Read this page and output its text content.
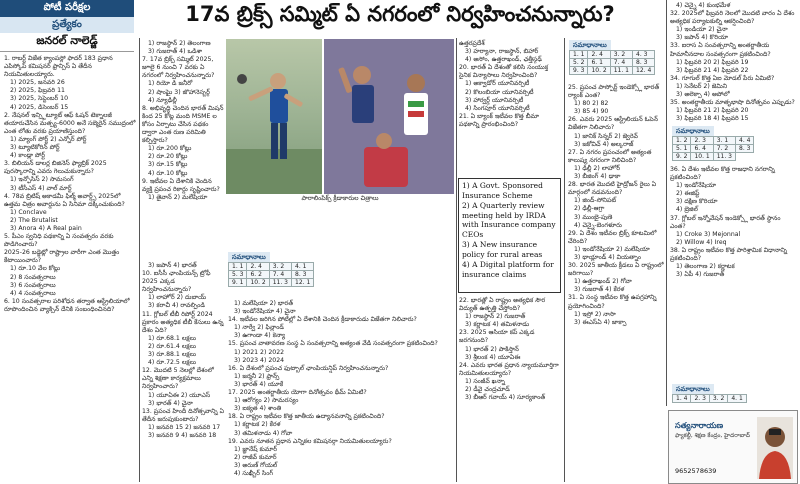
పోటీ పరీక్షల
ప్రత్యేకం
జనరల్ నాలెడ్జ్
17వ బ్రిక్స్ సమ్మిట్ ఏ నగరంలో నిర్వహించనున్నారు?

1. రాబర్ట్ విజేత క్యాంపస్లో ఫాదర్ 183 ప్రధాన ఎపిస్కోప్ కమిషనర్ ఫ్రాన్సిస్ ఏ తేదీన నియమితులయ్యారు.

1) 2025, జనవరి 26

2) 2025, ఫిబ్రవరి 11

3) 2025, సెప్టెంబర్ 10

4) 2025, డిసెంబర్ 15

2. నేషనల్ ఇన్స్టిట్యూట్ ఆఫ్ ఓషన్ టెక్నాలజీ తయారుచేసిన మత్స్య-6000 అనే సబ్మెరైన్ సముద్రంలో ఎంత లోతు వరకు ప్రయాణిస్తుంది?

1) మ్యాంగ్ పోర్ట్ 2) ఎన్నోర్ పోర్ట్

3) ట్యూటికోరిన్ పోర్ట్

4) కాండ్లా పోర్ట్

3. బిలియన్ డాలర్ల బిజినెస్ ఫ్యాబ్రిక్ 2025 పురస్కారాన్ని ఎవరు గెలుచుకున్నారు?

1) ఇన్ఫోసిస్ 2) సామసంగ్

3) టీసీఎస్ 4) వాల్ మార్ట్

4. 78వ బ్రిటిష్ అకాడమీ ఫిల్మ్ అవార్డ్స్ 2025లో ఉత్తమ చిత్రం అవార్డును ఏ సినిమా దక్కించుకుంది?

1) Conclave

2) The Brutalist

3) Anora 4) A Real pain

5. పీఎం స్వనిధి పథకాన్ని ఏ సంవత్సరం వరకు పొడిగించారు?

2025-26 బడ్జెట్లో రాష్ట్రాల వారీగా ఎంత మొత్తం కేటాయించారు?

1) రూ.10 వేల కోట్లు

2) 8 సంవత్సరాలు

3) 6 సంవత్సరాలు

4) 4 సంవత్సరాలు

6. 10 సంవత్సరాల పరిశోధన తర్వాత ఆస్ట్రేలియాలో రూపొందించిన వ్యాక్సిన్ దేనికి సంబంధించినది?

1) రాజస్థాన్ 2) తెలంగాణ

3) గుజరాత్ 4) ఒడిశా

7. 17వ బ్రిక్స్ సమ్మిట్ 2025, జూలై 6 నుంచి 7 వరకు ఏ నగరంలో నిర్వహించనున్నారు?

1) రియో డి జనీరో

2) షాంఘై 3) జొహానెస్బర్గ్

4) న్యూఢిల్లీ

8. అభివృద్ధి చెందిన భారత్ మిషన్ కింద 25 కోట్ల మంది MSME ల కోసం ఏర్పాటు చేసిన పథకం ద్వారా ఎంత రుణ పరిమితి కల్పిస్తారు?

1) రూ.200 కోట్లు

2) రూ.20 కోట్లు

3) రూ.15 కోట్లు

4) రూ.10 కోట్లు

9. ఇటీవల ఏ దేశానికి చెందిన వ్యక్తి ప్రపంచ రికార్డు సృష్టించారు?

1) తైవాన్ 2) మలేషియా

3) జపాన్ 4) భారత్

10. ఐసీసీ ఛాంపియన్స్ ట్రోఫీ 2025 ఎక్కడ నిర్వహించనున్నారు?

1) లాహోర్ 2) దుబాయ్

3) కరాచీ 4) రావల్పిండి

11. గ్లోబల్ టీబీ రిపోర్ట్ 2024 ప్రకారం అత్యధిక టీబీ కేసులు ఉన్న దేశం ఏది?

1) రూ.68.1 లక్షలు

2) రూ.61.4 లక్షలు

3) రూ.88.1 లక్షలు

4) రూ.72.5 లక్షలు

12. మొదటి 5 నెలల్లో దేశంలో ఎన్ని శిక్షణా కార్యక్రమాలు నిర్వహించారు?

1) యూఏఈ 2) యూఎస్

3) భారత్ 4) చైనా

13. ప్రపంచ హిందీ దినోత్సవాన్ని ఏ తేదీన జరుపుకుంటారు?

1) జనవరి 15 2) జనవరి 17

3) జనవరి 9 4) జనవరి 18

పారాలింపిక్స్ క్రీడాకారుల చిత్రాలు
సమాధానాలు
1. 1	2. 4	3. 2	4. 1
5. 3	6. 2	7. 4	8. 3
9. 1	10. 2	11. 3	12. 1

1) మలేషియా 2) భారత్

3) ఇండోనేషియా 4) చైనా

14. ఇటీవల జరిగిన పోటీల్లో ఏ దేశానికి చెందిన క్రీడాకారుడు విజేతగా నిలిచారు?

1) నార్వే 2) ఫిన్లాండ్

3) ఉగాండా 4) కెన్యా

15. ప్రపంచ వాతావరణ సంస్థ ఏ సంవత్సరాన్ని అత్యంత వేడి సంవత్సరంగా ప్రకటించింది?

1) 2021 2) 2022

3) 2023 4) 2024

16. ఏ దేశంలో ప్రపంచ ఫుట్బాల్ ఛాంపియన్షిప్ నిర్వహించనున్నారు?

1) జర్మనీ 2) ఫ్రాన్స్

3) భారత్ 4) యూకే

17. 2025 అంతర్జాతీయ యోగా దినోత్సవం థీమ్ ఏమిటి?

1) ఆరోగ్యం 2) సామరస్యం

3) ఐక్యత 4) శాంతి

18. ఏ రాష్ట్రం ఇటీవల కొత్త జాతీయ ఉద్యానవనాన్ని ప్రకటించింది?

1) కర్ణాటక 2) కేరళ

3) తమిళనాడు 4) గోవా

19. ఎవరు నూతన ప్రధాన ఎన్నికల కమిషనర్గా నియమితులయ్యారు?

1) జ్ఞానేష్ కుమార్

2) రాజీవ్ కుమార్

3) అరుణ్ గోయల్

4) సుఖ్బీర్ సింగ్

ఉత్తరప్రదేశ్

3) హర్యానా, రాజస్థాన్, బిహార్

4) అసోం, ఉత్తరాఖండ్, ఛత్తీస్గఢ్

20. భారత్ ఏ దేశంతో కలిసి సంయుక్త సైనిక విన్యాసాలు నిర్వహించింది?

1) అక్వాడోర్ యూనివర్సిటీ

2) కొలంబియా యూనివర్సిటీ

3) హార్వర్డ్ యూనివర్సిటీ

4) సింగపూర్ యూనివర్సిటీ

21. ఏ బ్యాంక్ ఇటీవల కొత్త బీమా పథకాన్ని ప్రారంభించింది?

1) A Govt. Sponsored Insurance Scheme

2) A Quarterly review meeting held by IRDA with Insurance company CEOs

3) A New insurance policy for rural areas

4) A Digital platform for insurance claims

22. భారత్లో ఏ రాష్ట్రం అత్యధిక సౌర విద్యుత్ ఉత్పత్తి చేస్తోంది?

1) రాజస్థాన్ 2) గుజరాత్

3) కర్ణాటక 4) తమిళనాడు

23. 2025 ఆసియా కప్ ఎక్కడ జరగనుంది?

1) భారత్ 2) పాకిస్తాన్

3) శ్రీలంక 4) యూఏఈ

24. ఎవరు భారత ప్రధాన న్యాయమూర్తిగా నియమితులయ్యారు?

1) సంజీవ్ ఖన్నా

2) డీవై చంద్రచూడ్

3) బీఆర్ గవాయ్ 4) సూర్యకాంత్

సమాధానాలు
1. 1	2. 4	3. 2	4. 3
5. 2	6. 1	7. 4	8. 3
9. 3	10. 2	11. 1	12. 4

25. ప్రపంచ పాస్పోర్ట్ ఇండెక్స్లో భారత్ ర్యాంక్ ఎంత?

1) 80 2) 82

3) 85 4) 90

26. ఎవరు 2025 ఆస్ట్రేలియన్ ఓపెన్ విజేతగా నిలిచారు?

1) జానిక్ సిన్నర్ 2) జ్వెరెవ్

3) జకోవిచ్ 4) అల్కరాజ్

27. ఏ నగరం ప్రపంచంలో అత్యంత కాలుష్య నగరంగా నిలిచింది?

1) ఢిల్లీ 2) లాహోర్

3) బీజింగ్ 4) ఢాకా

28. భారత మొదటి హైడ్రోజన్ రైలు ఏ మార్గంలో నడవనుంది?

1) జింద్-సోనిపట్

2) ఢిల్లీ-ఆగ్రా

3) ముంబై-పుణె

4) చెన్నై-బెంగళూరు

29. ఏ దేశం ఇటీవల బ్రిక్స్ కూటమిలో చేరింది?

1) ఇండోనేషియా 2) మలేషియా

3) థాయ్లాండ్ 4) వియత్నాం

30. 2025 జాతీయ క్రీడలు ఏ రాష్ట్రంలో జరిగాయి?

1) ఉత్తరాఖండ్ 2) గోవా

3) గుజరాత్ 4) కేరళ

31. ఏ సంస్థ ఇటీవల కొత్త ఉపగ్రహాన్ని ప్రయోగించింది?

1) ఇస్రో 2) నాసా

3) ఈఎస్ఏ 4) జాక్సా

4) చెన్నై 4) కుంభమేళ

32. 2025లో ఫిబ్రవరి నెలలో మొదటి వారం ఏ దేశం అత్యధిక పర్యాటకుల్ని ఆకర్షించింది?

1) ఇండియా 2) చైనా

3) జపాన్ 4) కొరియా

33. ఐరాస ఏ సంవత్సరాన్ని అంతర్జాతీయ హిమానీనదాల సంవత్సరంగా ప్రకటించింది?

1) ఫిబ్రవరి 20 2) ఫిబ్రవరి 19

3) ఫిబ్రవరి 21 4) ఫిబ్రవరి 22

34. గూగుల్ కొత్త ఏఐ మోడల్ పేరు ఏమిటి?

1) సెనేటర్ 2) జెమిని

3) అలెక్సా 4) అపోలో

35. అంతర్జాతీయ మాతృభాషా దినోత్సవం ఎప్పుడు?

1) ఫిబ్రవరి 21 2) ఫిబ్రవరి 20

3) ఫిబ్రవరి 18 4) ఫిబ్రవరి 15

సమాధానాలు
1. 2	2. 3	3. 1	4. 4
5. 1	6. 4	7. 2	8. 3
9. 2	10. 1	11. 3	

36. ఏ దేశం ఇటీవల కొత్త రాజధాని నగరాన్ని ప్రకటించింది?

1) ఇండోనేషియా

2) ఈజిప్ట్

3) దక్షిణ కొరియా

4) బ్రెజిల్

37. గ్లోబల్ ఇన్నోవేషన్ ఇండెక్స్లో భారత్ స్థానం ఎంత?

1) Croke 3) Mejonnal

2) Willow 4) Ireq

38. ఏ రాష్ట్రం ఇటీవల కొత్త పారిశ్రామిక విధానాన్ని ప్రకటించింది?

1) తెలంగాణ 2) కర్ణాటక

3) ఏపీ 4) గుజరాత్

సమాధానాలు
1. 4	2. 3	3. 2	4. 1
సత్యనారాయణ
ఫ్యాకల్టీ, శిక్షణ కేంద్రం, హైదరాబాద్
9652578639
